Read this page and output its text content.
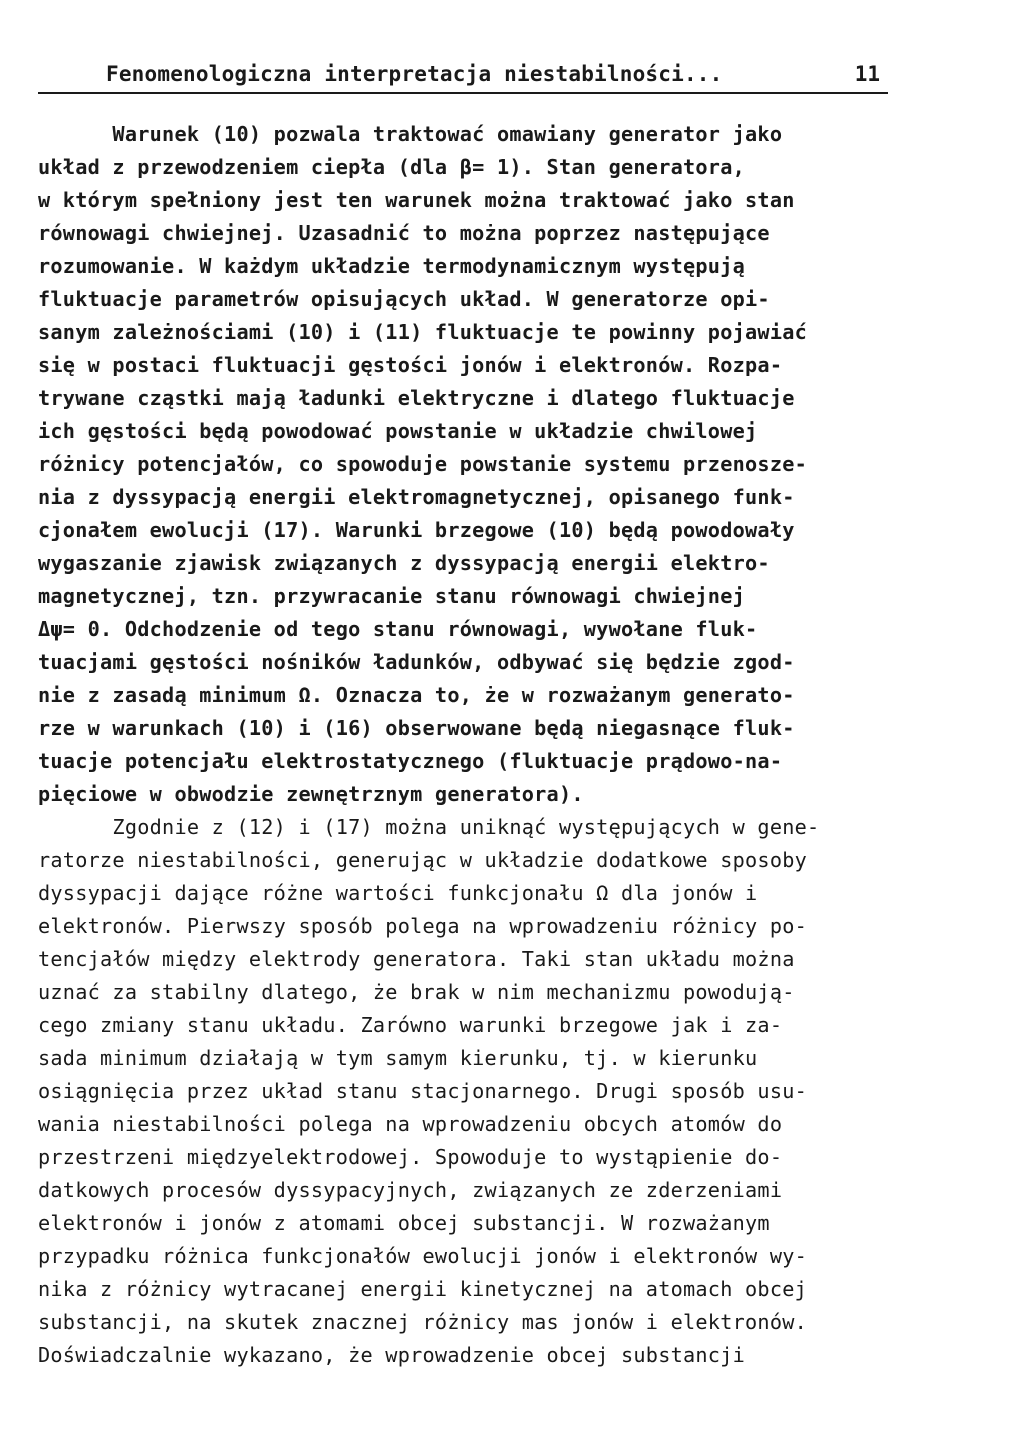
Fenomenologiczna interpretacja niestabilności...	11
Warunek (10) pozwala traktować omawiany generator jako
układ z przewodzeniem ciepła (dla β= 1). Stan generatora,
w którym spełniony jest ten warunek można traktować jako stan
równowagi chwiejnej. Uzasadnić to można poprzez następujące
rozumowanie. W każdym układzie termodynamicznym występują
fluktuacje parametrów opisujących układ. W generatorze opi-
sanym zależnościami (10) i (11) fluktuacje te powinny pojawiać
się w postaci fluktuacji gęstości jonów i elektronów. Rozpa-
trywane cząstki mają ładunki elektryczne i dlatego fluktuacje
ich gęstości będą powodować powstanie w układzie chwilowej
różnicy potencjałów, co spowoduje powstanie systemu przenosze-
nia z dyssypacją energii elektromagnetycznej, opisanego funk-
cjonałem ewolucji (17). Warunki brzegowe (10) będą powodowały
wygaszanie zjawisk związanych z dyssypacją energii elektro-
magnetycznej, tzn. przywracanie stanu równowagi chwiejnej
Δψ= 0. Odchodzenie od tego stanu równowagi, wywołane fluk-
tuacjami gęstości nośników ładunków, odbywać się będzie zgod-
nie z zasadą minimum Ω. Oznacza to, że w rozważanym generato-
rze w warunkach (10) i (16) obserwowane będą niegasnące fluk-
tuacje potencjału elektrostatycznego (fluktuacje prądowo-na-
pięciowe w obwodzie zewnętrznym generatora).
Zgodnie z (12) i (17) można uniknąć występujących w gene-
ratorze niestabilności, generując w układzie dodatkowe sposoby
dyssypacji dające różne wartości funkcjonału Ω dla jonów i
elektronów. Pierwszy sposób polega na wprowadzeniu różnicy po-
tencjałów między elektrody generatora. Taki stan układu można
uznać za stabilny dlatego, że brak w nim mechanizmu powodują-
cego zmiany stanu układu. Zarówno warunki brzegowe jak i za-
sada minimum działają w tym samym kierunku, tj. w kierunku
osiągnięcia przez układ stanu stacjonarnego. Drugi sposób usu-
wania niestabilności polega na wprowadzeniu obcych atomów do
przestrzeni międzyelektrodowej. Spowoduje to wystąpienie do-
datkowych procesów dyssypacyjnych, związanych ze zderzeniami
elektronów i jonów z atomami obcej substancji. W rozważanym
przypadku różnica funkcjonałów ewolucji jonów i elektronów wy-
nika z różnicy wytracanej energii kinetycznej na atomach obcej
substancji, na skutek znacznej różnicy mas jonów i elektronów.
Doświadczalnie wykazano, że wprowadzenie obcej substancji
